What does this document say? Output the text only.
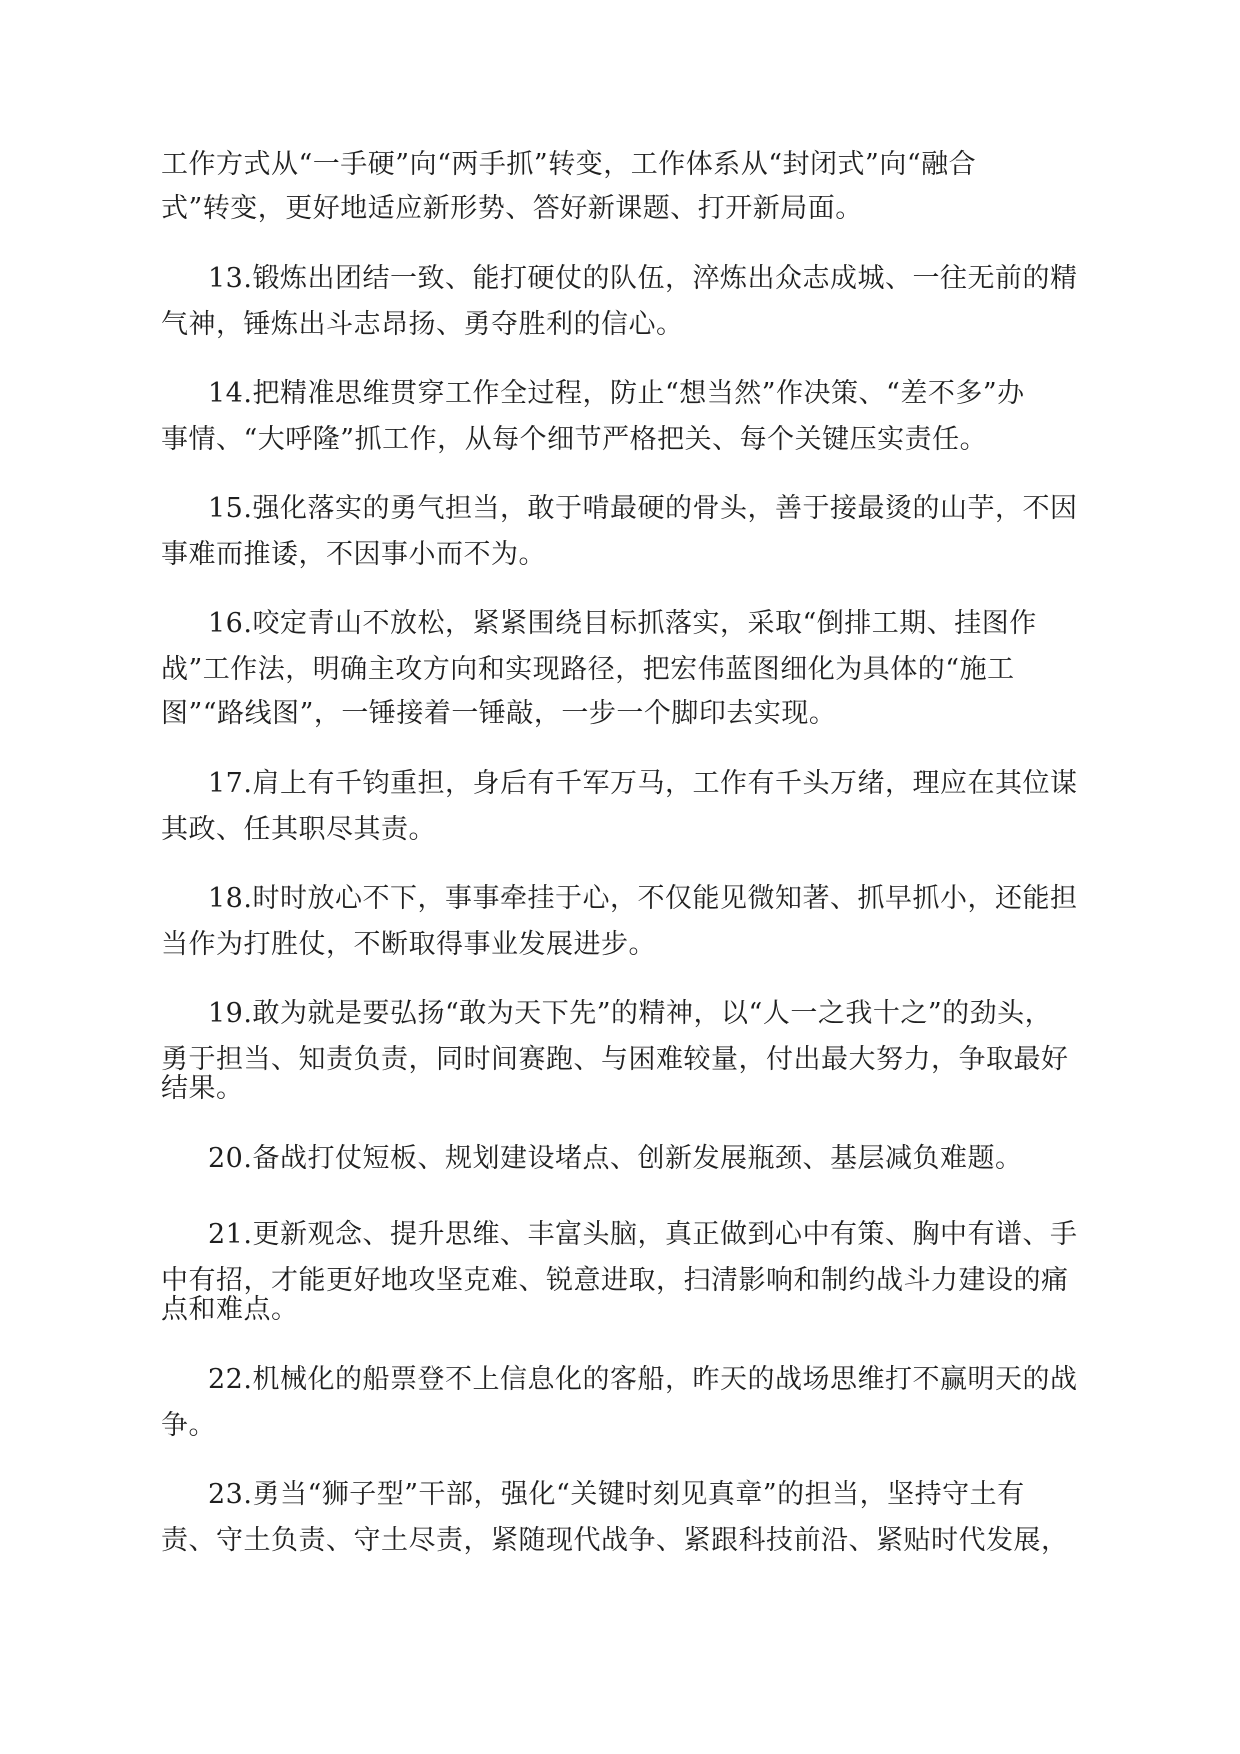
工作方式从“一手硬”向“两手抓”转变，工作体系从“封闭式”向“融合
式”转变，更好地适应新形势、答好新课题、打开新局面。
13.锻炼出团结一致、能打硬仗的队伍，淬炼出众志成城、一往无前的精
气神，锤炼出斗志昂扬、勇夺胜利的信心。
14.把精准思维贯穿工作全过程，防止“想当然”作决策、“差不多”办
事情、“大呼隆”抓工作，从每个细节严格把关、每个关键压实责任。
15.强化落实的勇气担当，敢于啃最硬的骨头，善于接最烫的山芋，不因
事难而推诿，不因事小而不为。
16.咬定青山不放松，紧紧围绕目标抓落实，采取“倒排工期、挂图作
战”工作法，明确主攻方向和实现路径，把宏伟蓝图细化为具体的“施工
图”“路线图”，一锤接着一锤敲，一步一个脚印去实现。
17.肩上有千钧重担，身后有千军万马，工作有千头万绪，理应在其位谋
其政、任其职尽其责。
18.时时放心不下，事事牵挂于心，不仅能见微知著、抓早抓小，还能担
当作为打胜仗，不断取得事业发展进步。
19.敢为就是要弘扬“敢为天下先”的精神，以“人一之我十之”的劲头，
勇于担当、知责负责，同时间赛跑、与困难较量，付出最大努力，争取最好
结果。
20.备战打仗短板、规划建设堵点、创新发展瓶颈、基层减负难题。
21.更新观念、提升思维、丰富头脑，真正做到心中有策、胸中有谱、手
中有招，才能更好地攻坚克难、锐意进取，扫清影响和制约战斗力建设的痛
点和难点。
22.机械化的船票登不上信息化的客船，昨天的战场思维打不赢明天的战
争。
23.勇当“狮子型”干部，强化“关键时刻见真章”的担当，坚持守土有
责、守土负责、守土尽责，紧随现代战争、紧跟科技前沿、紧贴时代发展，
